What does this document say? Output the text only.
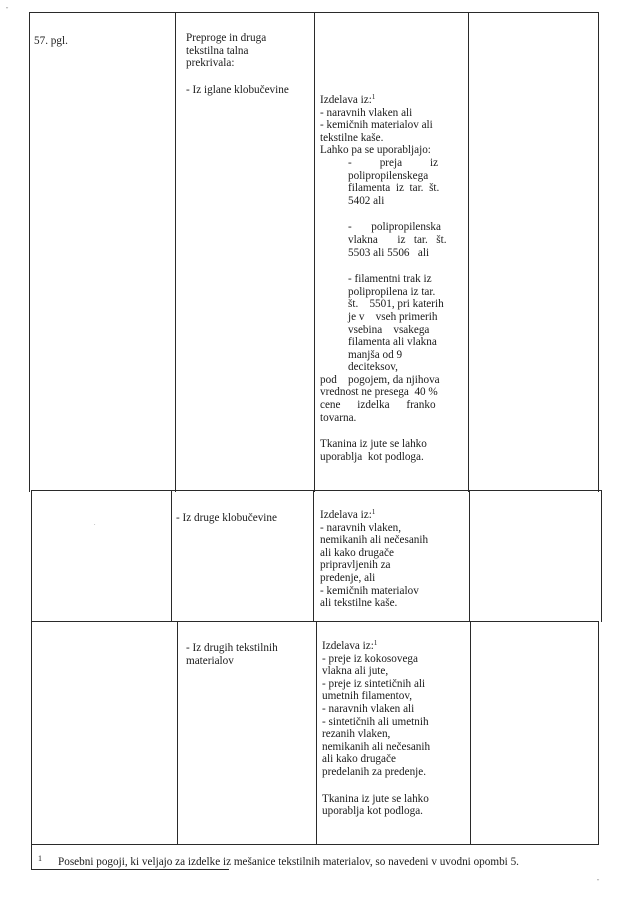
"
.
"
57. pgl.	Preproge in druga
tekstilna talna
prekrivala:
- Iz iglane klobučevine
Izdelava iz:$^1$
- naravnih vlaken ali
- kemičnih materialov ali
tekstilne kaše.
Lahko pa se uporabljajo:
-          preja          iz
polipropilenskega
filamenta  iz  tar.  št.
5402 ali
-       polipropilenska
vlakna       iz   tar.   št.
5503 ali 5506   ali
- filamentni trak iz
polipropilena iz tar.
št.    5501, pri katerih
je v    vseh primerih
vsebina    vsakega
filamenta ali vlakna
manjša od 9
deciteksov,
pod    pogojem, da njihova
vrednost ne presega  40 %
cene      izdelka      franko
tovarna.
Tkanina iz jute se lahko
uporablja  kot podloga.
- Iz druge klobučevine	Izdelava iz:$^1$
- naravnih vlaken,
nemikanih ali nečesanih
ali kako drugače
pripravljenih za
predenje, ali
- kemičnih materialov
ali tekstilne kaše.
- Iz drugih tekstilnih
materialov
Izdelava iz:$^1$
- preje iz kokosovega
vlakna ali jute,
- preje iz sintetičnih ali
umetnih filamentov,
- naravnih vlaken ali
- sintetičnih ali umetnih
rezanih vlaken,
nemikanih ali nečesanih
ali kako drugače
predelanih za predenje.
Tkanina iz jute se lahko
uporablja kot podloga.
1 Posebni pogoji, ki veljajo za izdelke iz mešanice tekstilnih materialov, so navedeni v uvodni opombi 5.
